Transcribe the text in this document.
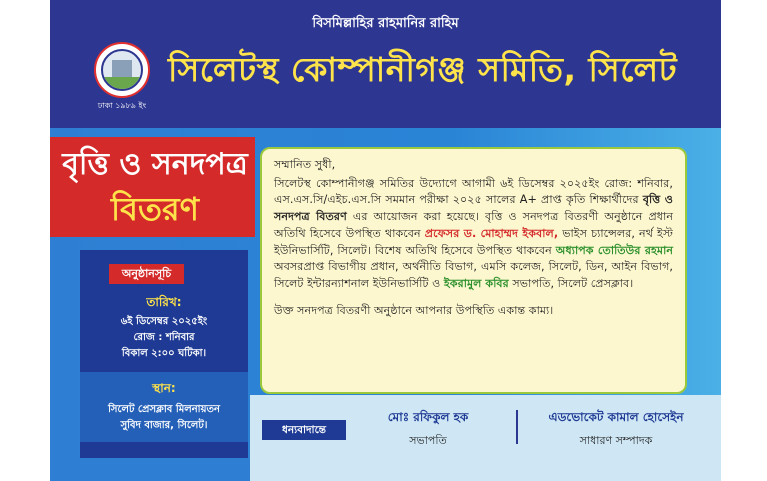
বিসমিল্লাহির রাহমানির রাহিম
ঢাকা ১৯৮৯ ইং
সিলেটস্থ কোম্পানীগঞ্জ সমিতি, সিলেট
বৃত্তি ও সনদপত্র
বিতরণ
অনুষ্ঠানসূচি
তারিখ:
৬ই ডিসেম্বর ২০২৫ইং
রোজ : শনিবার
বিকাল ২:০০ ঘটিকা।
স্থান:
সিলেট প্রেসক্লাব মিলনায়তন
সুবিদ বাজার, সিলেট।

সম্মানিত সুধী,

সিলেটস্থ কোম্পানীগঞ্জ সমিতির উদ্যোগে আগামী ৬ই ডিসেম্বর ২০২৫ইং রোজ: শনিবার, এস.এস.সি/এইচ.এস.সি সমমান পরীক্ষা ২০২৫ সালের A+ প্রাপ্ত কৃতি শিক্ষার্থীদের বৃত্তি ও সনদপত্র বিতরণ এর আয়োজন করা হয়েছে। বৃত্তি ও সনদপত্র বিতরণী অনুষ্ঠানে প্রধান অতিথি হিসেবে উপস্থিত থাকবেন প্রফেসর ড. মোহাম্মদ ইকবাল, ভাইস চ্যান্সেলর, নর্থ ইস্ট ইউনিভার্সিটি, সিলেট। বিশেষ অতিথি হিসেবে উপস্থিত থাকবেন অধ্যাপক তোতিউর রহমান অবসরপ্রাপ্ত বিভাগীয় প্রধান, অর্থনীতি বিভাগ, এমসি কলেজ, সিলেট, ডিন, আইন বিভাগ, সিলেট ইন্টারন্যাশনাল ইউনিভার্সিটি ও ইকরামুল কবির সভাপতি, সিলেট প্রেসক্লাব।

উক্ত সনদপত্র বিতরণী অনুষ্ঠানে আপনার উপস্থিতি একান্ত কাম্য।

ধন্যবাদান্তে
মোঃ রফিকুল হক
সভাপতি
এডভোকেট কামাল হোসেইন
সাধারণ সম্পাদক
